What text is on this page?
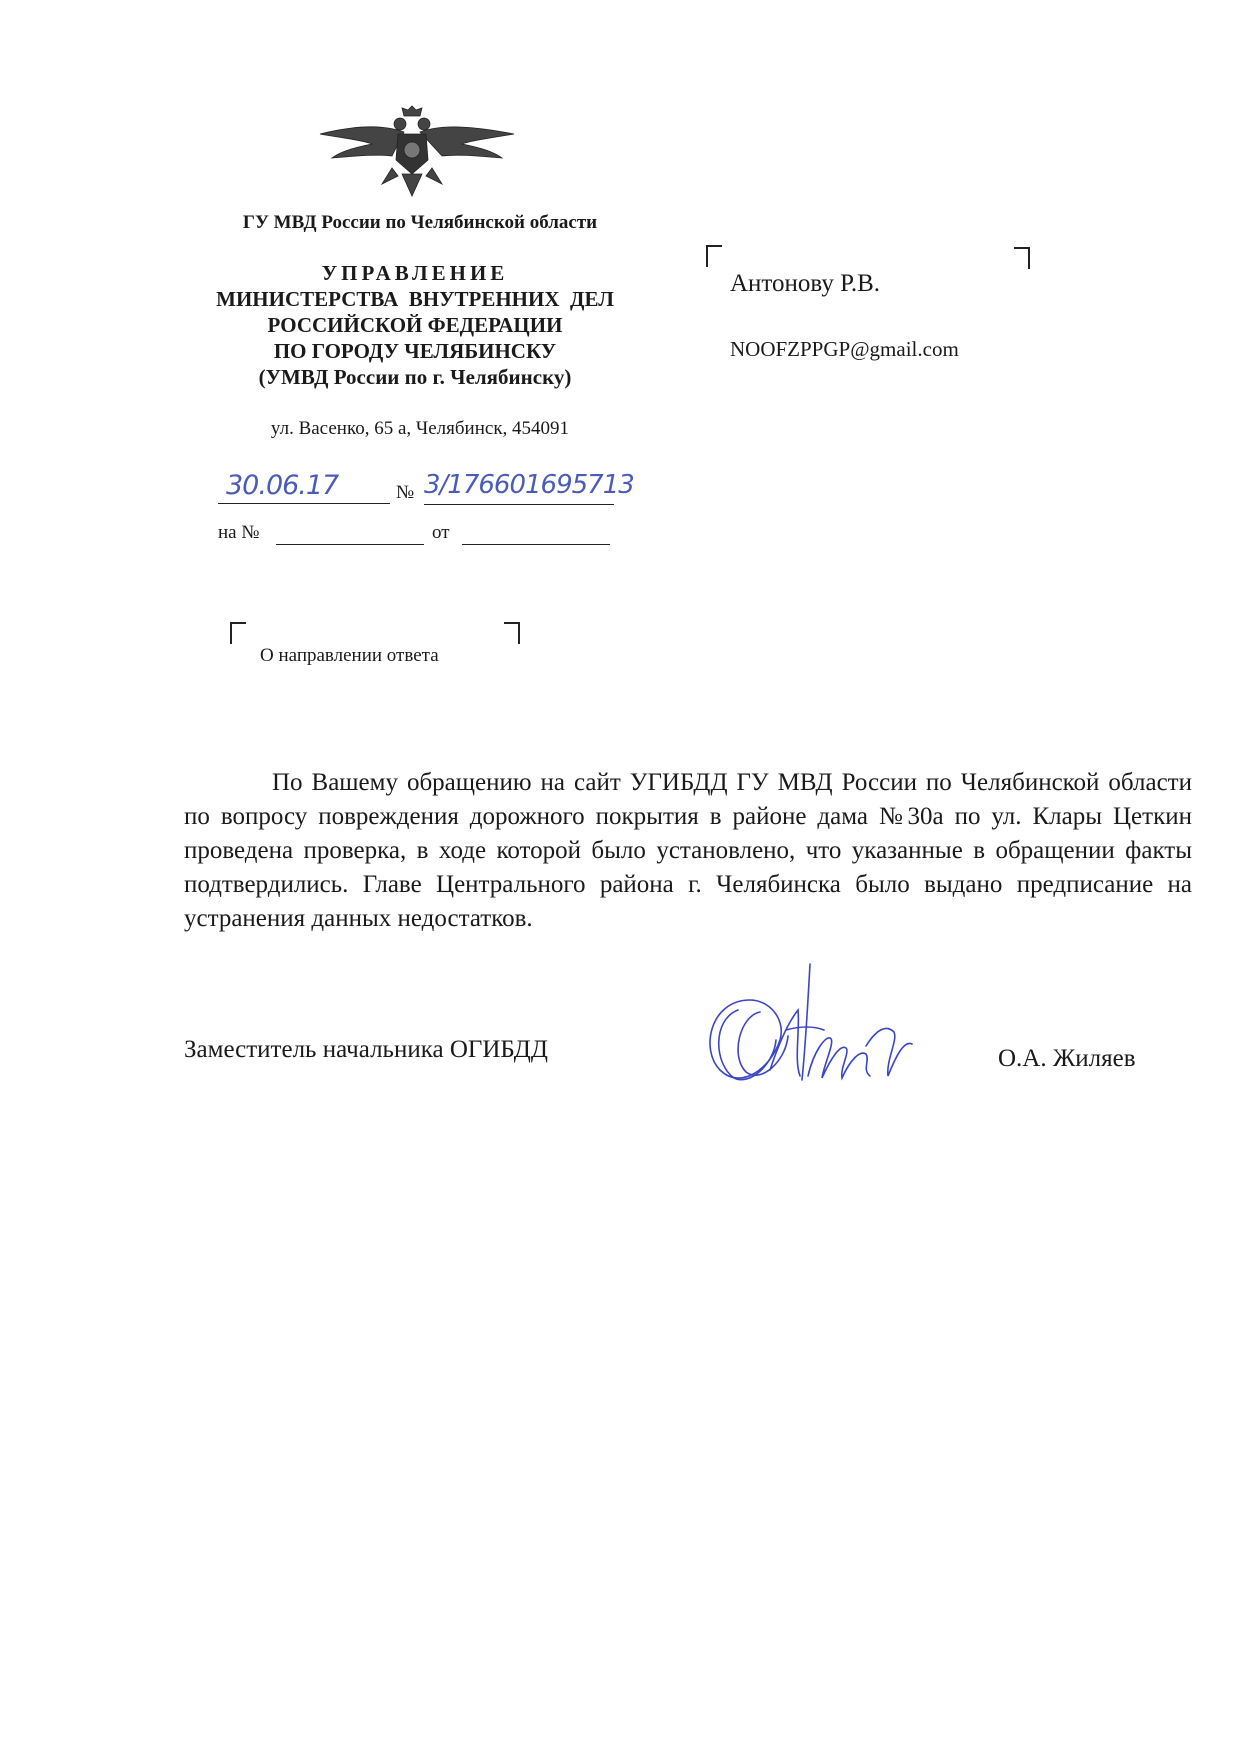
ГУ МВД России по Челябинской области
УПРАВЛЕНИЕ
МИНИСТЕРСТВА  ВНУТРЕННИХ  ДЕЛ
РОССИЙСКОЙ ФЕДЕРАЦИИ
ПО ГОРОДУ ЧЕЛЯБИНСКУ
(УМВД России по г. Челябинску)
ул. Васенко, 65 а, Челябинск, 454091
30.06.17	№ 3/176601695713
на №	от
О направлении ответа
Антонову Р.В.
NOOFZPPGP@gmail.com
По Вашему обращению на сайт УГИБДД ГУ МВД России по Челябинской области по вопросу повреждения дорожного покрытия в районе дама №30а по ул. Клары Цеткин проведена проверка, в ходе которой было установлено, что указанные в обращении факты подтвердились. Главе Центрального района г. Челябинска было выдано предписание на устранения данных недостатков.
Заместитель начальника ОГИБДД	О.А. Жиляев
